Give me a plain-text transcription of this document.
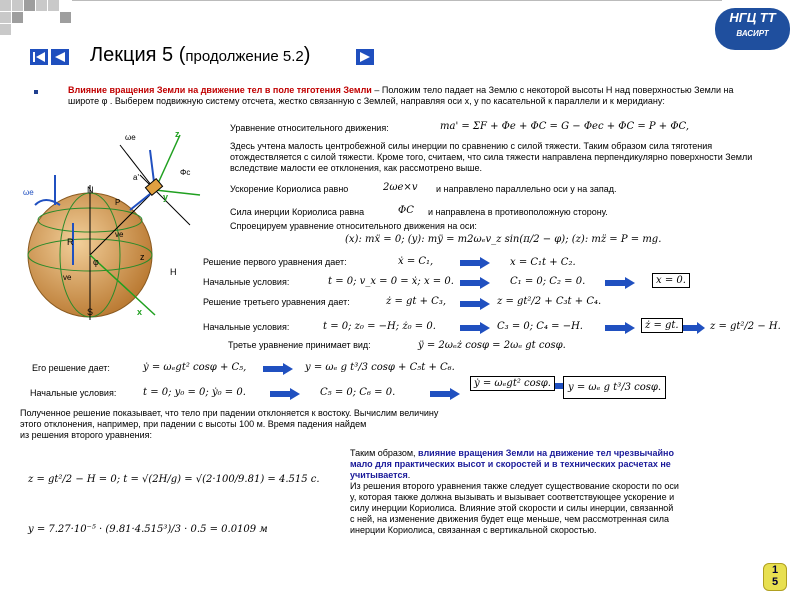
НГЦ ТТ
ВАСИРТ
Лекция 5 (продолжение 5.2)
Влияние вращения Земли на движение тел в поле тяготения Земли – Положим тело падает на Землю с некоторой высоты H над поверхностью Земли на широте φ . Выберем подвижную систему отсчета, жестко связанную с Землей, направляя оси x, y по касательной к параллели и к меридиану:
N
S
R
φ
H
x
y
z
z
ωe
ωe
a'
P
Φc
ve
ve
Уравнение относительного движения:	ma' = ΣF + Φe + ΦC = G − Φec + ΦC = P + ΦC,
Здесь учтена малость центробежной силы инерции по сравнению с силой тяжести. Таким образом сила тяготения отождествляется с силой тяжести. Кроме того, считаем, что сила тяжести направлена перпендикулярно поверхности Земли вследствие малости ее отклонения, как рассмотрено выше.
Ускорение Кориолиса равно	2ωe×v и направлено параллельно оси y на запад.
Сила инерции Кориолиса равна	ΦC и направлена в противоположную сторону.
Спроецируем уравнение относительного движения на оси:
(x): mẍ = 0; (y): mÿ = m2ωₑv_z sin(π/2 − φ); (z): mz̈ = P = mg.
Решение первого уравнения дает:	ẋ = C₁,	x = C₁t + C₂.
Начальные условия:	t = 0; v_x = 0 = ẋ; x = 0.	C₁ = 0; C₂ = 0.	x = 0.
Решение третьего уравнения дает:	ż = gt + C₃,	z = gt²/2 + C₃t + C₄.
Начальные условия:	t = 0; z₀ = −H; ż₀ = 0.	C₃ = 0; C₄ = −H.	ż = gt.	z = gt²/2 − H.
Третье уравнение принимает вид:	ÿ = 2ωₑż cosφ = 2ωₑ gt cosφ.
Его решение дает:	ẏ = ωₑgt² cosφ + C₅,	y = ωₑ g t³/3 cosφ + C₅t + C₆.
Начальные условия:	t = 0; y₀ = 0; ẏ₀ = 0.	C₅ = 0; C₆ = 0.
ẏ = ωₑgt² cosφ.	y = ωₑ g t³/3 cosφ.
Полученное решение показывает, что тело при падении отклоняется к востоку. Вычислим величину этого отклонения, например, при падении с высоты 100 м. Время падения найдем
из решения второго уравнения:
z = gt²/2 − H = 0; t = √(2H/g) = √(2·100/9.81) = 4.515 с.
y = 7.27·10⁻⁵ · (9.81·4.515³)/3 · 0.5 = 0.0109 м
Таким образом, влияние вращения Земли на движение тел чрезвычайно мало для практических высот и скоростей и в технических расчетах не учитывается.
Из решения второго уравнения также следует существование скорости по оси y, которая также должна вызывать и вызывает соответствующее ускорение и силу инерции Кориолиса. Влияние этой скорости и силы инерции, связанной с ней, на изменение движения будет еще меньше, чем рассмотренная сила инерции Кориолиса, связанная с вертикальной скоростью.
1
5
